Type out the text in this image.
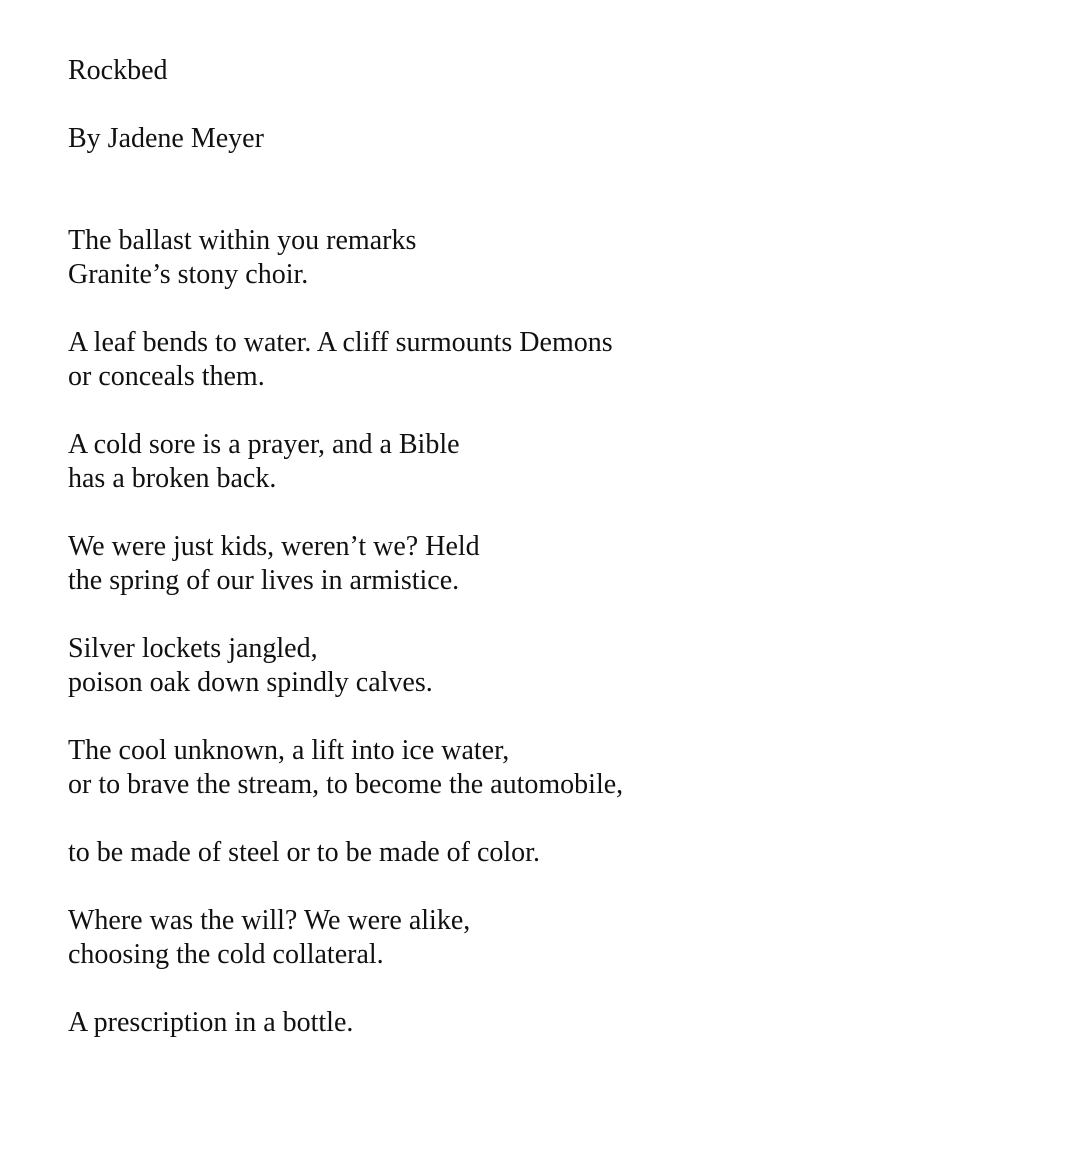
Rockbed

By Jadene Meyer

The ballast within you remarks
Granite’s stony choir.

A leaf bends to water. A cliff surmounts Demons
or conceals them.

A cold sore is a prayer, and a Bible
has a broken back.

We were just kids, weren’t we? Held
the spring of our lives in armistice.

Silver lockets jangled,
poison oak down spindly calves.

The cool unknown, a lift into ice water,
or to brave the stream, to become the automobile,

to be made of steel or to be made of color.

Where was the will? We were alike,
choosing the cold collateral.

A prescription in a bottle.
